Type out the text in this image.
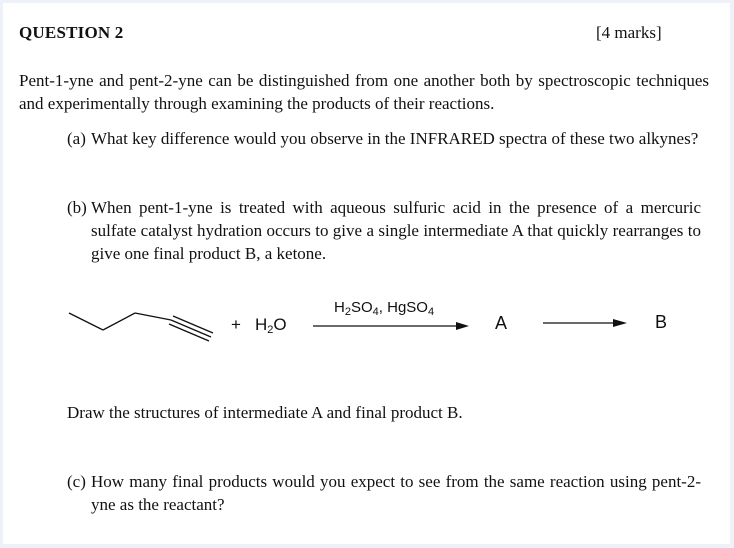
QUESTION 2	[4 marks]
Pent-1-yne and pent-2-yne can be distinguished from one another both by spectroscopic techniques and experimentally through examining the products of their reactions.
(a) What key difference would you observe in the INFRARED spectra of these two alkynes?
(b) When pent-1-yne is treated with aqueous sulfuric acid in the presence of a mercuric sulfate catalyst hydration occurs to give a single intermediate A that quickly rearranges to give one final product B, a ketone.
+ $H_2O$
$H_2SO_4$, HgSO$_4$
A	B
Draw the structures of intermediate A and final product B.
(c) How many final products would you expect to see from the same reaction using pent-2-yne as the reactant?
